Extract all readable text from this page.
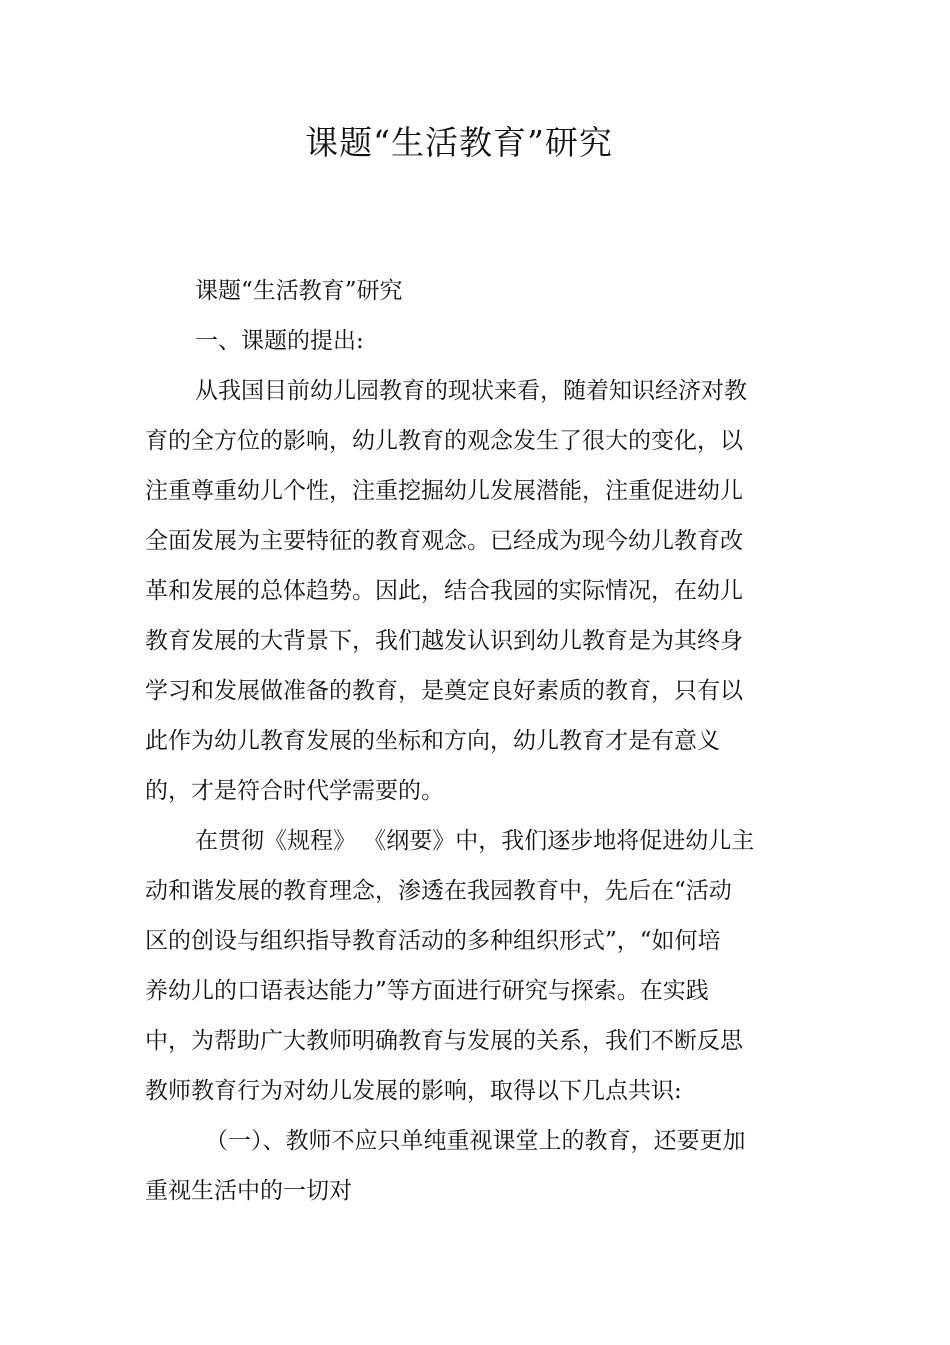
课题“生活教育”研究

课题“生活教育”研究

一、课题的提出:

从我国目前幼儿园教育的现状来看，随着知识经济对教
育的全方位的影响，幼儿教育的观念发生了很大的变化，以
注重尊重幼儿个性，注重挖掘幼儿发展潜能，注重促进幼儿
全面发展为主要特征的教育观念。已经成为现今幼儿教育改
革和发展的总体趋势。因此，结合我园的实际情况，在幼儿
教育发展的大背景下，我们越发认识到幼儿教育是为其终身
学习和发展做准备的教育，是奠定良好素质的教育，只有以
此作为幼儿教育发展的坐标和方向，幼儿教育才是有意义
的，才是符合时代学需要的。

在贯彻《规程》 《纲要》中，我们逐步地将促进幼儿主
动和谐发展的教育理念，渗透在我园教育中，先后在“活动
区的创设与组织指导教育活动的多种组织形式”，“如何培
养幼儿的口语表达能力”等方面进行研究与探索。在实践
中，为帮助广大教师明确教育与发展的关系，我们不断反思
教师教育行为对幼儿发展的影响，取得以下几点共识:

（一）、教师不应只单纯重视课堂上的教育，还要更加
重视生活中的一切对
